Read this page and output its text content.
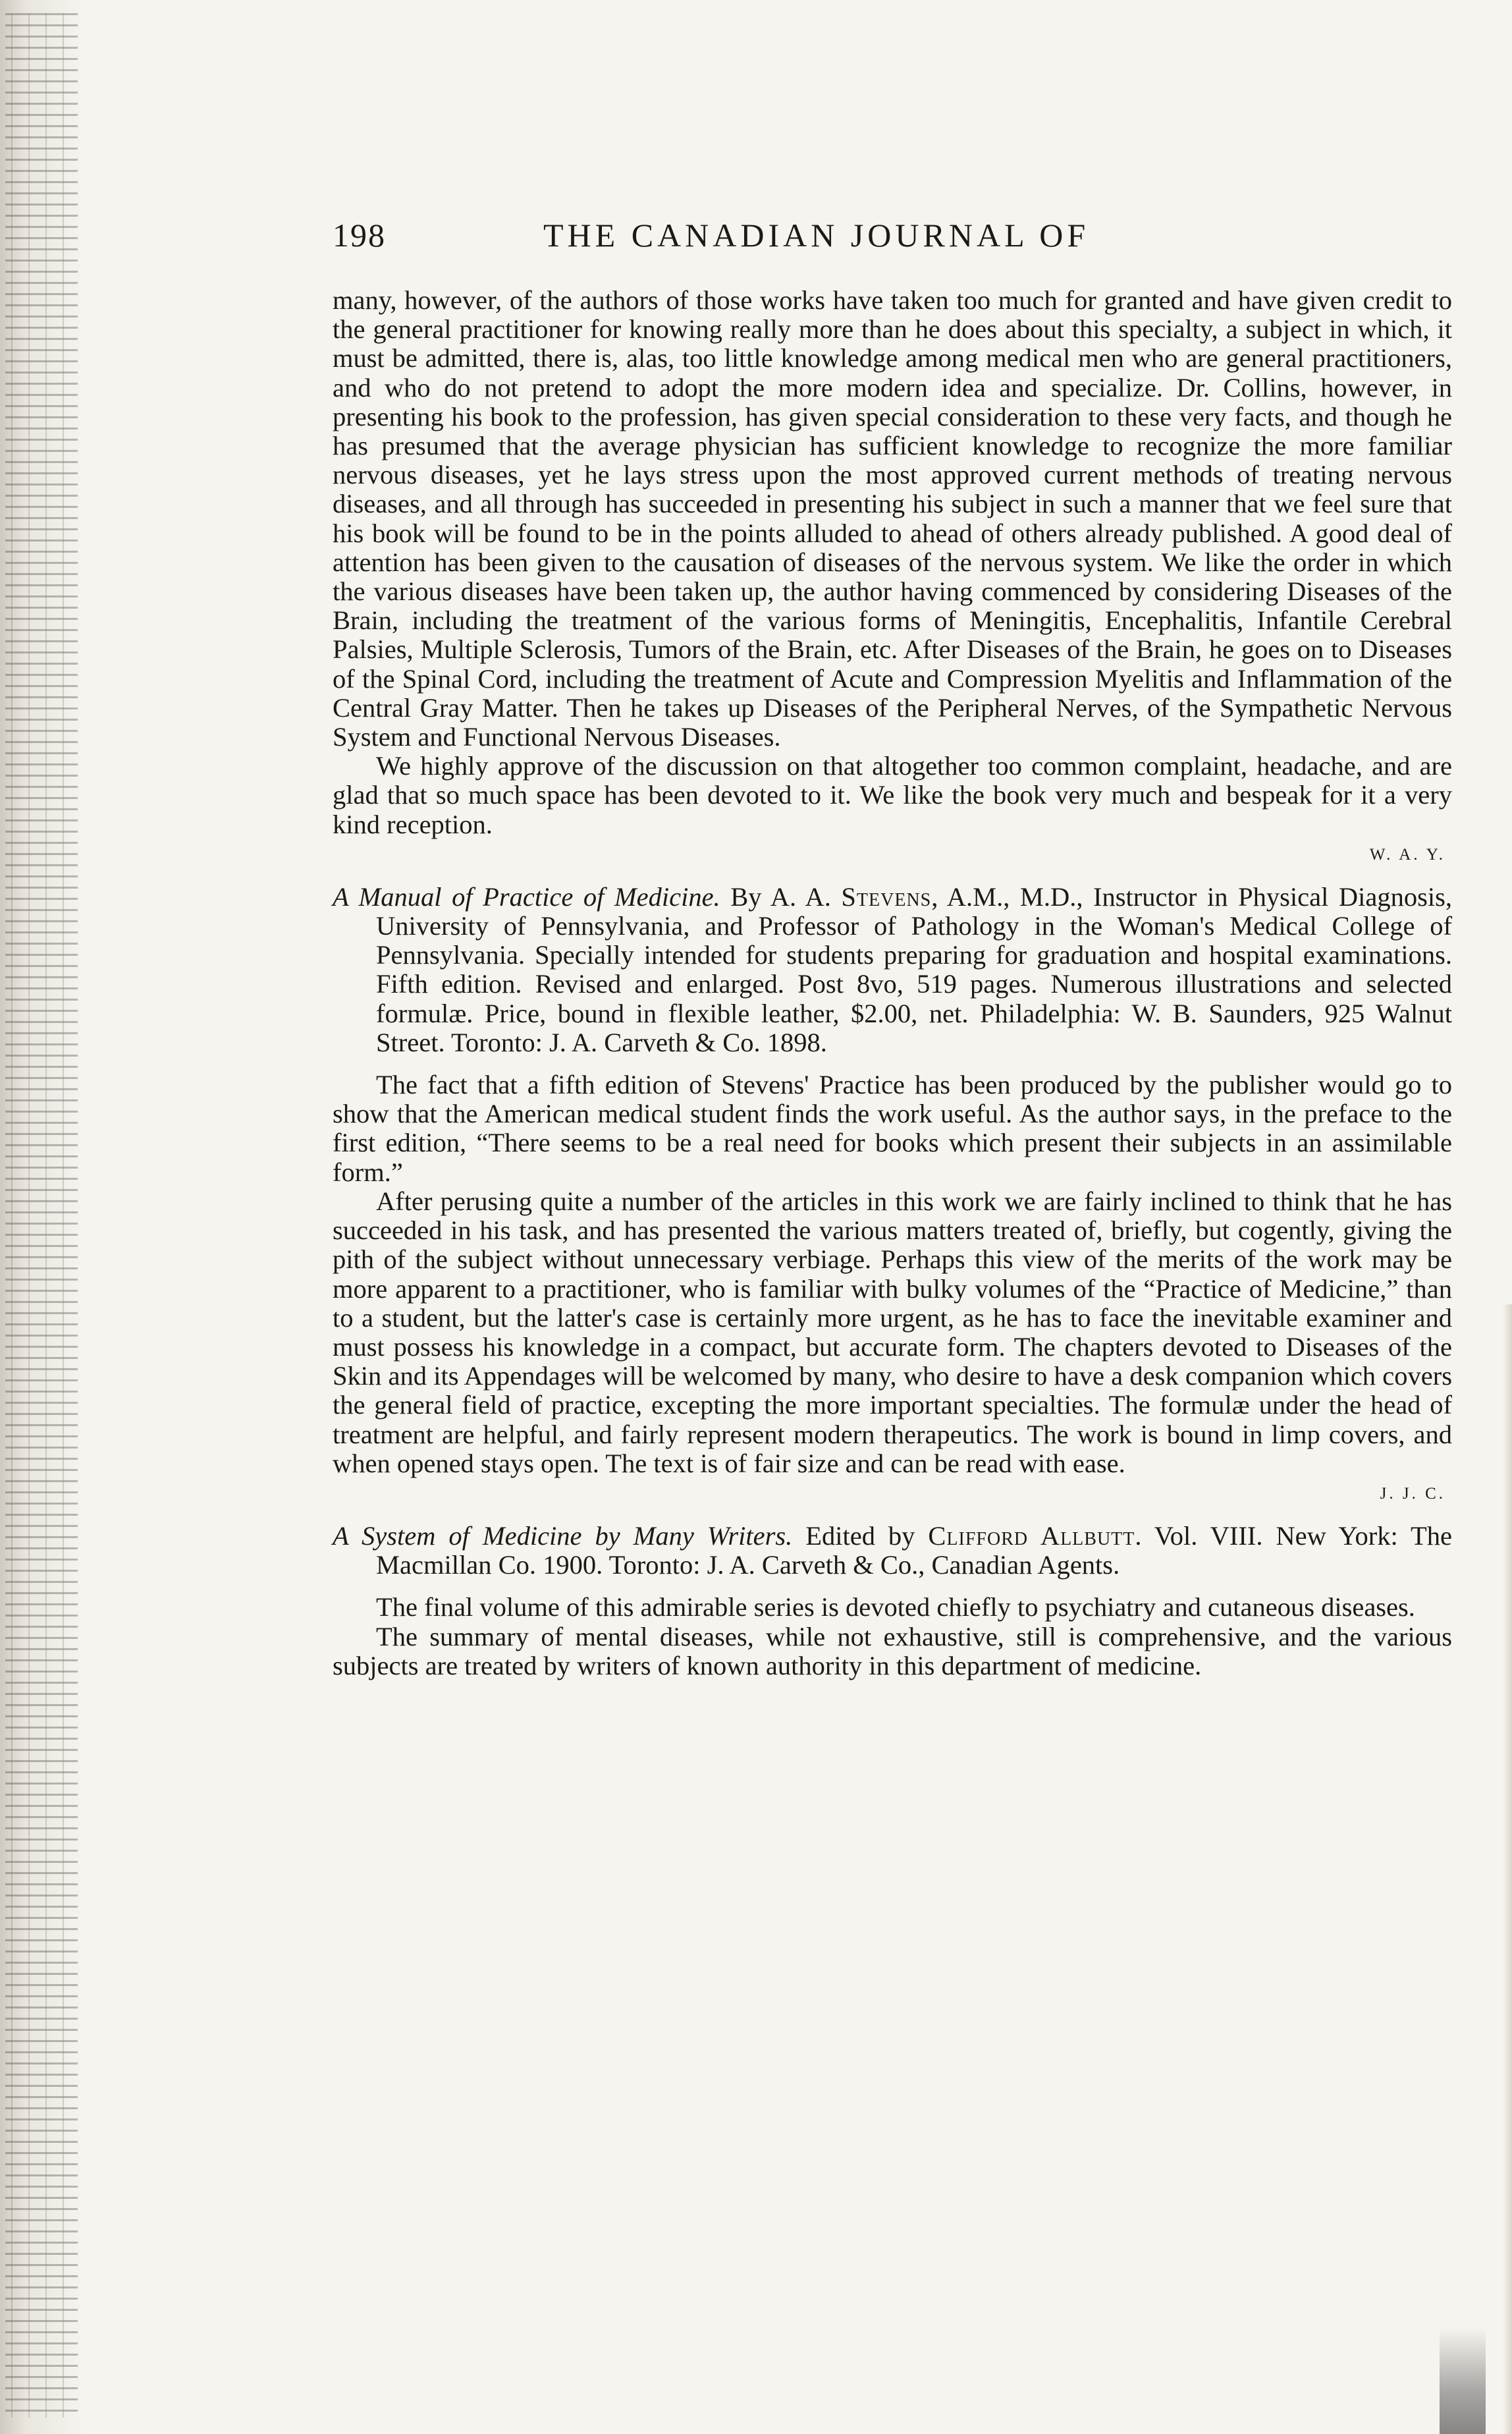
198	THE CANADIAN JOURNAL OF

many, however, of the authors of those works have taken too much for granted and have given credit to the general practitioner for knowing really more than he does about this specialty, a subject in which, it must be admitted, there is, alas, too little knowledge among medical men who are general practitioners, and who do not pretend to adopt the more modern idea and specialize. Dr. Collins, however, in presenting his book to the profession, has given special consideration to these very facts, and though he has presumed that the average physician has sufficient knowledge to recognize the more familiar nervous diseases, yet he lays stress upon the most approved current methods of treating nervous diseases, and all through has succeeded in presenting his subject in such a manner that we feel sure that his book will be found to be in the points alluded to ahead of others already published. A good deal of attention has been given to the causation of diseases of the nervous system. We like the order in which the various diseases have been taken up, the author having commenced by considering Diseases of the Brain, including the treatment of the various forms of Meningitis, Encephalitis, Infantile Cerebral Palsies, Multiple Sclerosis, Tumors of the Brain, etc. After Diseases of the Brain, he goes on to Diseases of the Spinal Cord, including the treatment of Acute and Compression Myelitis and Inflammation of the Central Gray Matter. Then he takes up Diseases of the Peripheral Nerves, of the Sympathetic Nervous System and Functional Nervous Diseases.

We highly approve of the discussion on that altogether too common complaint, headache, and are glad that so much space has been devoted to it. We like the book very much and bespeak for it a very kind reception.

W. A. Y.
A Manual of Practice of Medicine. By A. A. Stevens, A.M., M.D., Instructor in Physical Diagnosis, University of Pennsylvania, and Professor of Pathology in the Woman's Medical College of Pennsylvania. Specially intended for students preparing for graduation and hospital examinations. Fifth edition. Revised and enlarged. Post 8vo, 519 pages. Numerous illustrations and selected formulæ. Price, bound in flexible leather, $2.00, net. Philadelphia: W. B. Saunders, 925 Walnut Street. Toronto: J. A. Carveth & Co. 1898.

The fact that a fifth edition of Stevens' Practice has been produced by the publisher would go to show that the American medical student finds the work useful. As the author says, in the preface to the first edition, “There seems to be a real need for books which present their subjects in an assimilable form.”

After perusing quite a number of the articles in this work we are fairly inclined to think that he has succeeded in his task, and has presented the various matters treated of, briefly, but cogently, giving the pith of the subject without unnecessary verbiage. Perhaps this view of the merits of the work may be more apparent to a practitioner, who is familiar with bulky volumes of the “Practice of Medicine,” than to a student, but the latter's case is certainly more urgent, as he has to face the inevitable examiner and must possess his knowledge in a compact, but accurate form. The chapters devoted to Diseases of the Skin and its Appendages will be welcomed by many, who desire to have a desk companion which covers the general field of practice, excepting the more important specialties. The formulæ under the head of treatment are helpful, and fairly represent modern therapeutics. The work is bound in limp covers, and when opened stays open. The text is of fair size and can be read with ease.

J. J. C.
A System of Medicine by Many Writers. Edited by Clifford Allbutt. Vol. VIII. New York: The Macmillan Co. 1900. Toronto: J. A. Carveth & Co., Canadian Agents.

The final volume of this admirable series is devoted chiefly to psychiatry and cutaneous diseases.

The summary of mental diseases, while not exhaustive, still is comprehensive, and the various subjects are treated by writers of known authority in this department of medicine.
